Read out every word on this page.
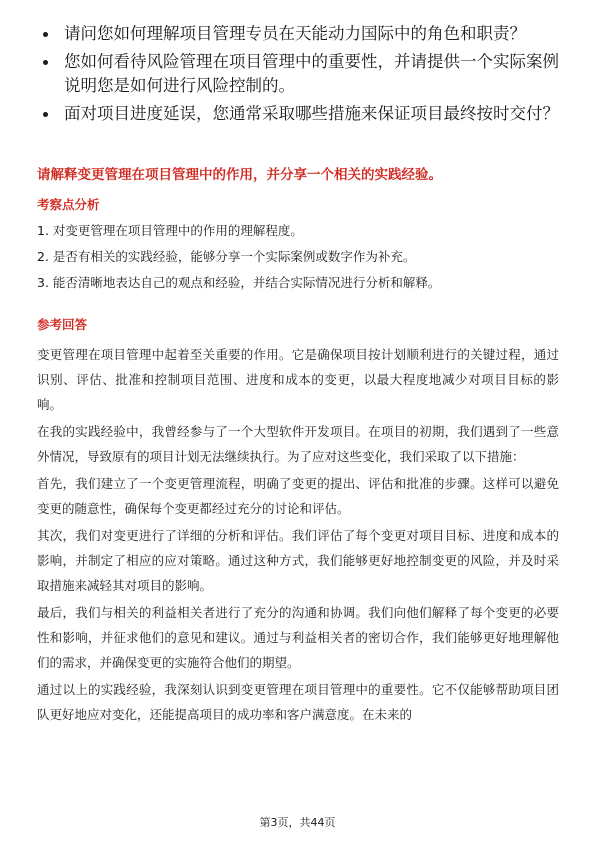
请问您如何理解项目管理专员在天能动力国际中的角色和职责？
您如何看待风险管理在项目管理中的重要性，并请提供一个实际案例说明您是如何进行风险控制的。
面对项目进度延误，您通常采取哪些措施来保证项目最终按时交付？
请解释变更管理在项目管理中的作用，并分享一个相关的实践经验。
考察点分析
1. 对变更管理在项目管理中的作用的理解程度。
2. 是否有相关的实践经验，能够分享一个实际案例或数字作为补充。
3. 能否清晰地表达自己的观点和经验，并结合实际情况进行分析和解释。
参考回答

变更管理在项目管理中起着至关重要的作用。它是确保项目按计划顺利进行的关键过程，通过识别、评估、批准和控制项目范围、进度和成本的变更，以最大程度地减少对项目目标的影响。

在我的实践经验中，我曾经参与了一个大型软件开发项目。在项目的初期，我们遇到了一些意外情况，导致原有的项目计划无法继续执行。为了应对这些变化，我们采取了以下措施：

首先，我们建立了一个变更管理流程，明确了变更的提出、评估和批准的步骤。这样可以避免变更的随意性，确保每个变更都经过充分的讨论和评估。

其次，我们对变更进行了详细的分析和评估。我们评估了每个变更对项目目标、进度和成本的影响，并制定了相应的应对策略。通过这种方式，我们能够更好地控制变更的风险，并及时采取措施来减轻其对项目的影响。

最后，我们与相关的利益相关者进行了充分的沟通和协调。我们向他们解释了每个变更的必要性和影响，并征求他们的意见和建议。通过与利益相关者的密切合作，我们能够更好地理解他们的需求，并确保变更的实施符合他们的期望。

通过以上的实践经验，我深刻认识到变更管理在项目管理中的重要性。它不仅能够帮助项目团队更好地应对变化，还能提高项目的成功率和客户满意度。在未来的

第3页，共44页
